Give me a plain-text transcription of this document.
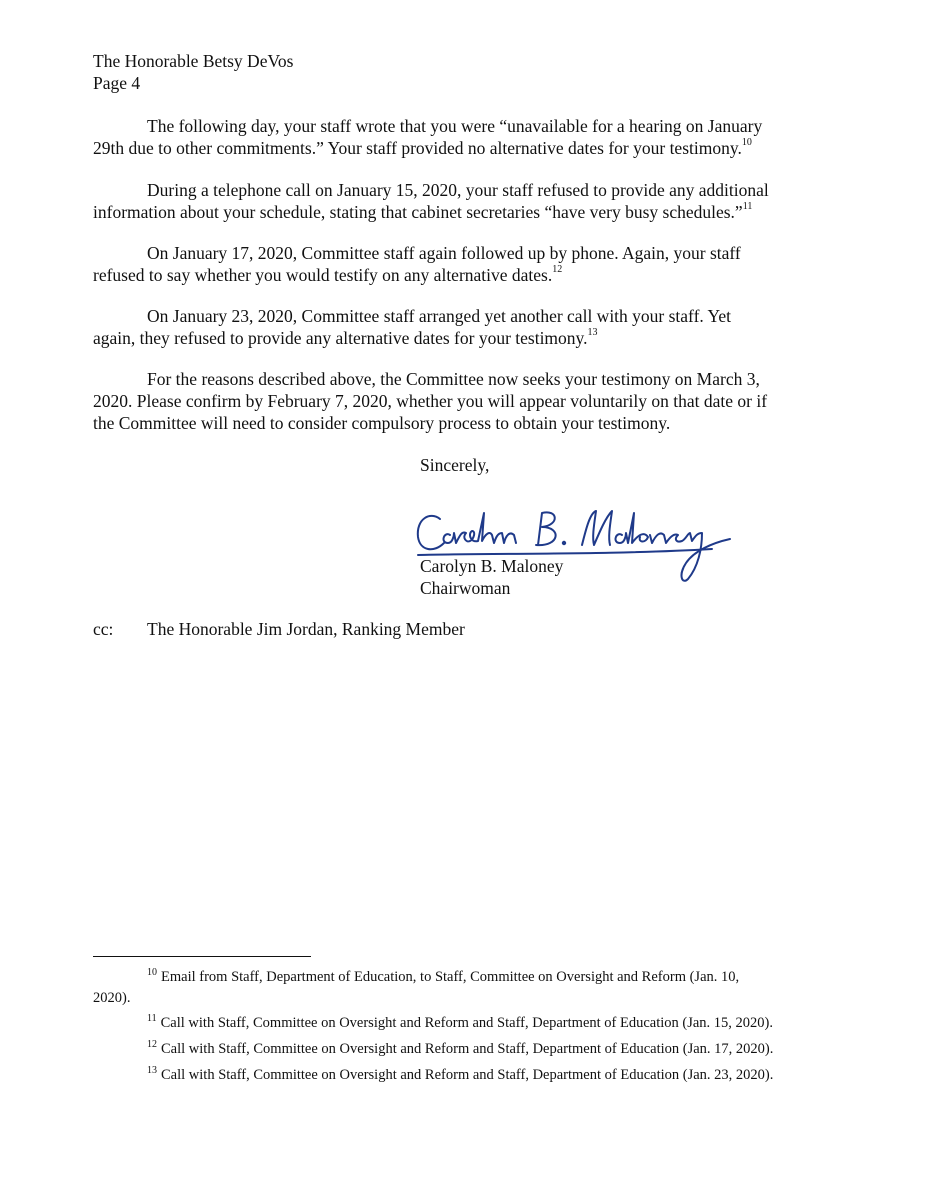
The Honorable Betsy DeVos
Page 4
The following day, your staff wrote that you were “unavailable for a hearing on January
29th due to other commitments.” Your staff provided no alternative dates for your testimony.$^{10}$
During a telephone call on January 15, 2020, your staff refused to provide any additional
information about your schedule, stating that cabinet secretaries “have very busy schedules.”$^{11}$
On January 17, 2020, Committee staff again followed up by phone. Again, your staff
refused to say whether you would testify on any alternative dates.$^{12}$
On January 23, 2020, Committee staff arranged yet another call with your staff. Yet
again, they refused to provide any alternative dates for your testimony.$^{13}$
For the reasons described above, the Committee now seeks your testimony on March 3,
2020. Please confirm by February 7, 2020, whether you will appear voluntarily on that date or if
the Committee will need to consider compulsory process to obtain your testimony.
Sincerely,
Carolyn B. Maloney
Chairwoman
cc: The Honorable Jim Jordan, Ranking Member
$^{10}$ Email from Staff, Department of Education, to Staff, Committee on Oversight and Reform (Jan. 10,
2020).
$^{11}$ Call with Staff, Committee on Oversight and Reform and Staff, Department of Education (Jan. 15, 2020).
$^{12}$ Call with Staff, Committee on Oversight and Reform and Staff, Department of Education (Jan. 17, 2020).
$^{13}$ Call with Staff, Committee on Oversight and Reform and Staff, Department of Education (Jan. 23, 2020).
